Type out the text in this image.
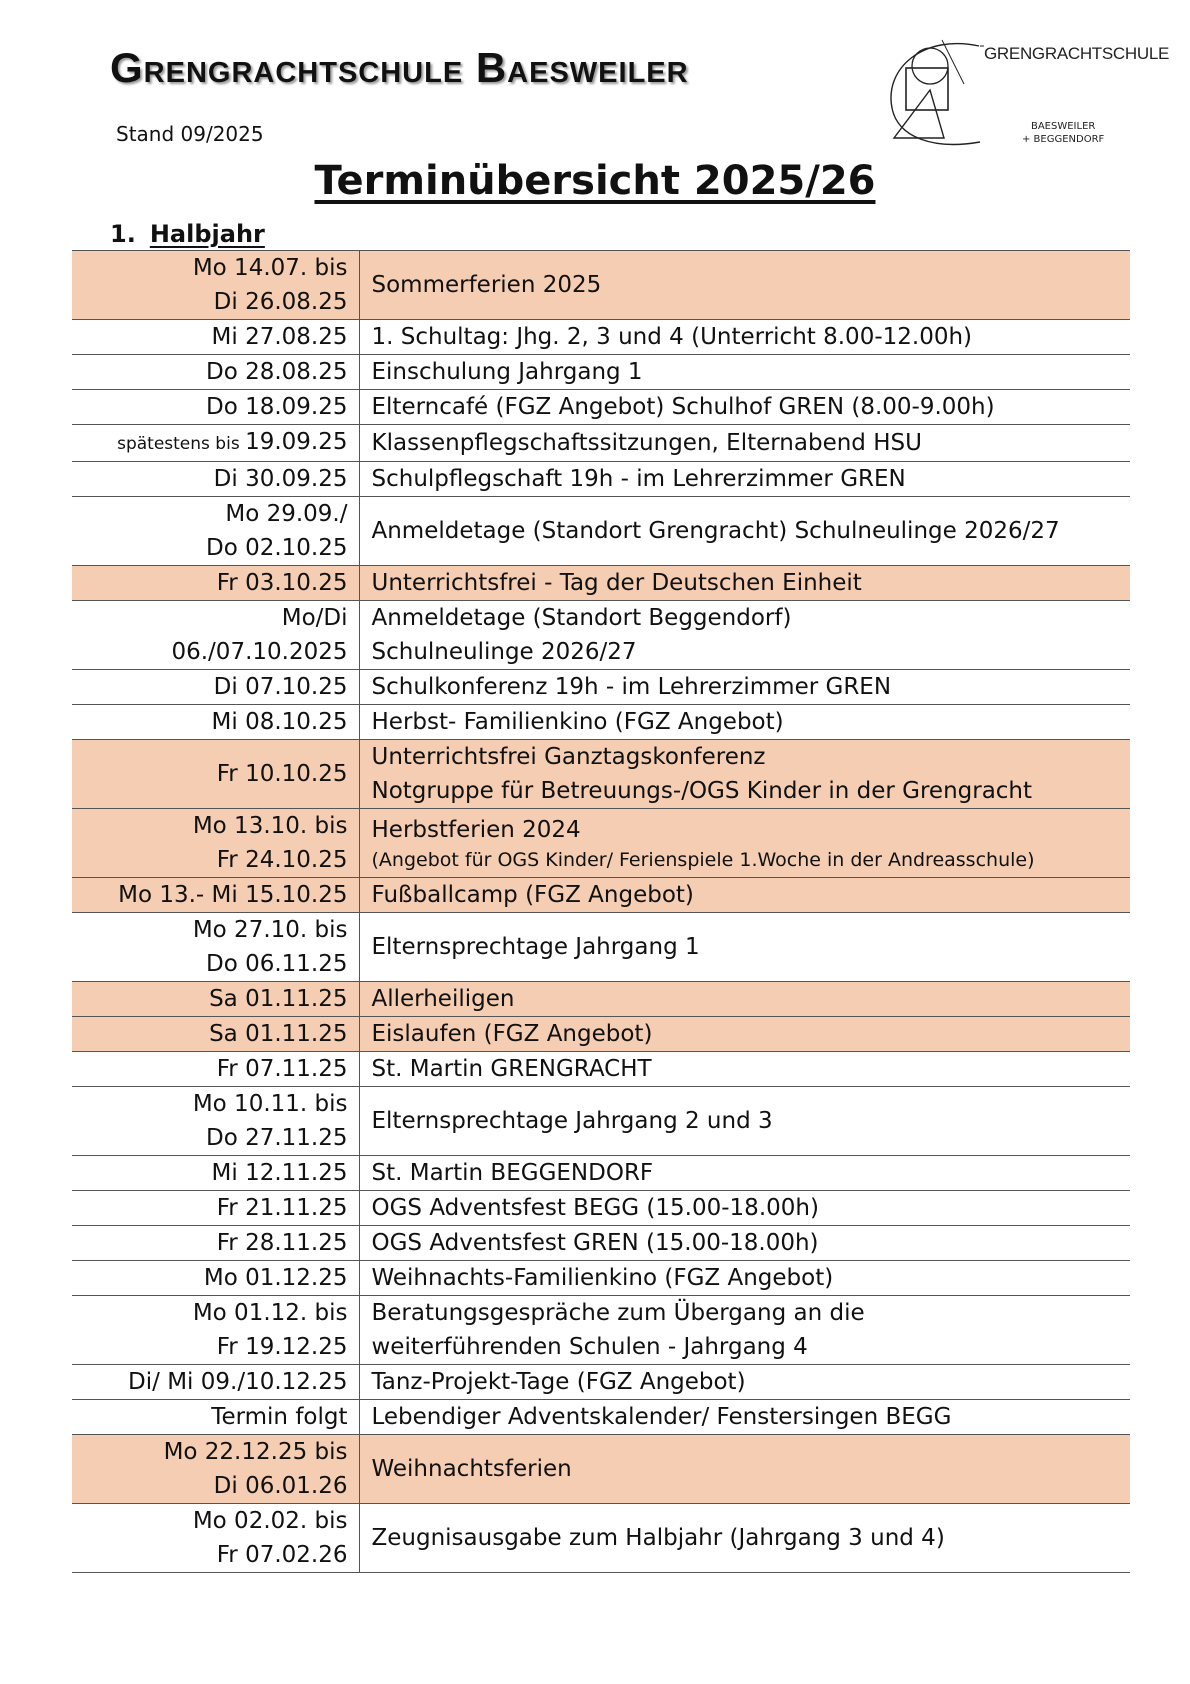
Grengrachtschule Baesweiler
Stand 09/2025
GRENGRACHTSCHULE
BAESWEILER
+ BEGGENDORF
Terminübersicht 2025/26
1. Halbjahr
Mo 14.07. bis
Di 26.08.25	Sommerferien 2025

Mi 27.08.25	1. Schultag: Jhg. 2, 3 und 4 (Unterricht 8.00-12.00h)

Do 28.08.25	Einschulung Jahrgang 1

Do 18.09.25	Elterncafé (FGZ Angebot) Schulhof GREN (8.00-9.00h)

spätestens bis 19.09.25	Klassenpflegschaftssitzungen, Elternabend HSU

Di 30.09.25	Schulpflegschaft 19h - im Lehrerzimmer GREN

Mo 29.09./
Do 02.10.25	Anmeldetage (Standort Grengracht) Schulneulinge 2026/27

Fr 03.10.25	Unterrichtsfrei - Tag der Deutschen Einheit

Mo/Di
06./07.10.2025	Anmeldetage (Standort Beggendorf)
Schulneulinge 2026/27

Di 07.10.25	Schulkonferenz 19h - im Lehrerzimmer GREN

Mi 08.10.25	Herbst- Familienkino (FGZ Angebot)

Fr 10.10.25	Unterrichtsfrei Ganztagskonferenz
Notgruppe für Betreuungs-/OGS Kinder in der Grengracht

Mo 13.10. bis
Fr 24.10.25	Herbstferien 2024
(Angebot für OGS Kinder/ Ferienspiele 1.Woche in der Andreasschule)

Mo 13.- Mi 15.10.25	Fußballcamp (FGZ Angebot)

Mo 27.10. bis
Do 06.11.25	Elternsprechtage Jahrgang 1

Sa 01.11.25	Allerheiligen

Sa 01.11.25	Eislaufen (FGZ Angebot)

Fr 07.11.25	St. Martin GRENGRACHT

Mo 10.11. bis
Do 27.11.25	Elternsprechtage Jahrgang 2 und 3

Mi 12.11.25	St. Martin BEGGENDORF

Fr 21.11.25	OGS Adventsfest BEGG (15.00-18.00h)

Fr 28.11.25	OGS Adventsfest GREN (15.00-18.00h)

Mo 01.12.25	Weihnachts-Familienkino (FGZ Angebot)

Mo 01.12. bis
Fr 19.12.25	Beratungsgespräche zum Übergang an die
weiterführenden Schulen - Jahrgang 4

Di/ Mi 09./10.12.25	Tanz-Projekt-Tage (FGZ Angebot)

Termin folgt	Lebendiger Adventskalender/ Fenstersingen BEGG

Mo 22.12.25 bis
Di 06.01.26	Weihnachtsferien

Mo 02.02. bis
Fr 07.02.26	Zeugnisausgabe zum Halbjahr (Jahrgang 3 und 4)
